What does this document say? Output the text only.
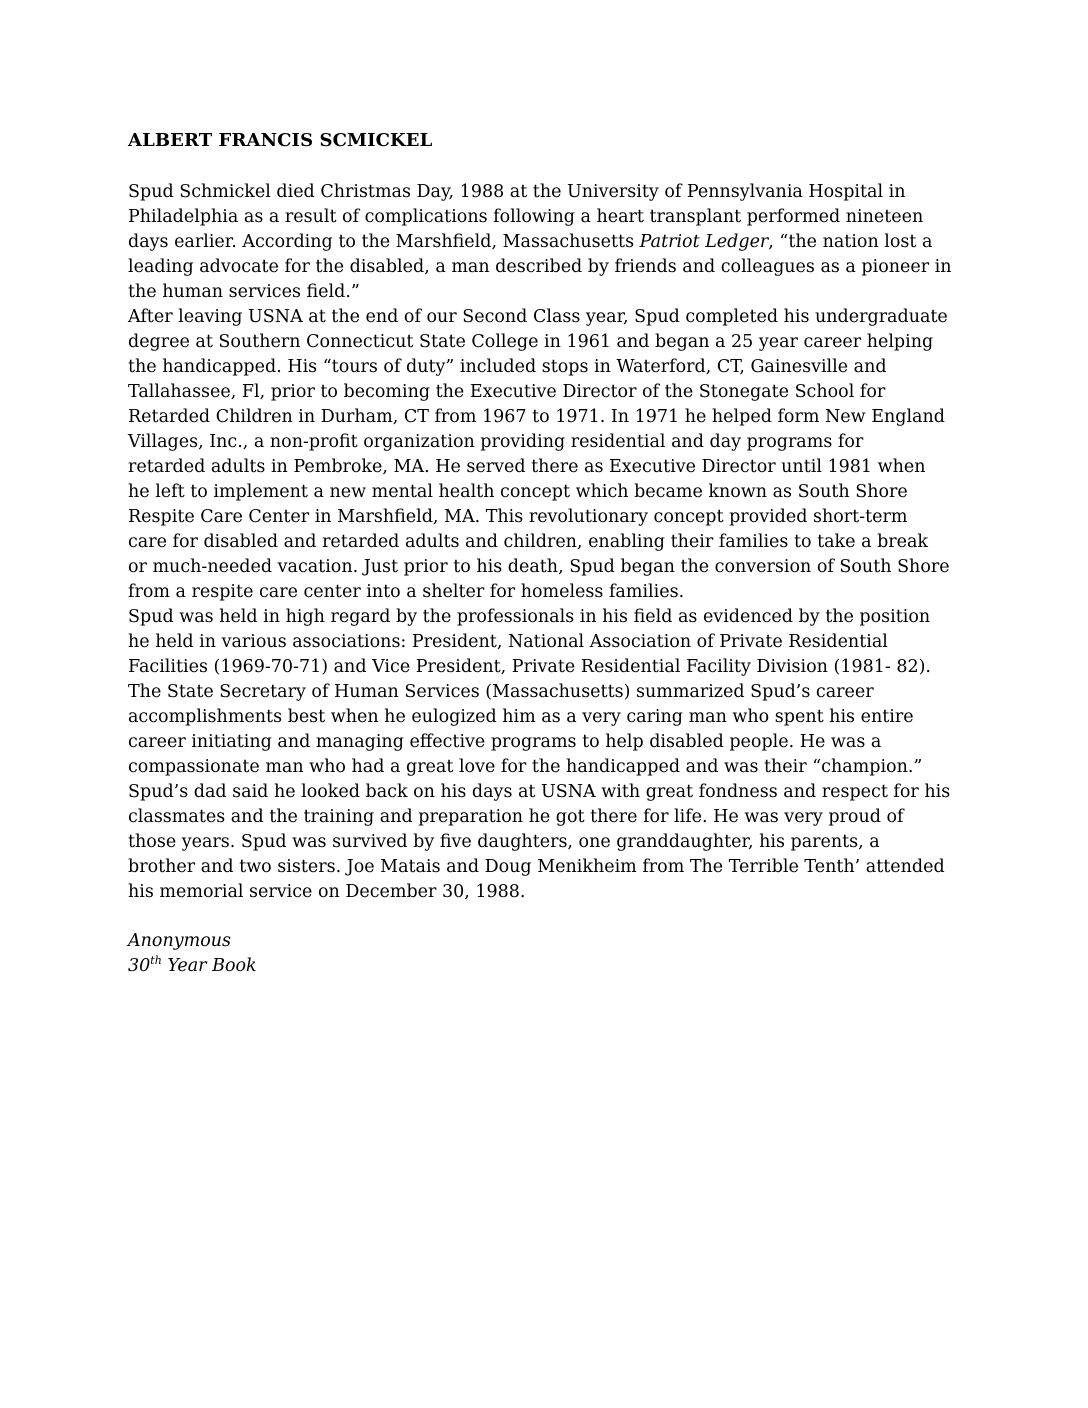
ALBERT FRANCIS SCMICKEL
Spud Schmickel died Christmas Day, 1988 at the University of Pennsylvania Hospital in
Philadelphia as a result of complications following a heart transplant performed nineteen
days earlier. According to the Marshfield, Massachusetts Patriot Ledger, “the nation lost a
leading advocate for the disabled, a man described by friends and colleagues as a pioneer in
the human services field.”
After leaving USNA at the end of our Second Class year, Spud completed his undergraduate
degree at Southern Connecticut State College in 1961 and began a 25 year career helping
the handicapped. His “tours of duty” included stops in Waterford, CT, Gainesville and
Tallahassee, Fl, prior to becoming the Executive Director of the Stonegate School for
Retarded Children in Durham, CT from 1967 to 1971. In 1971 he helped form New England
Villages, Inc., a non-profit organization providing residential and day programs for
retarded adults in Pembroke, MA. He served there as Executive Director until 1981 when
he left to implement a new mental health concept which became known as South Shore
Respite Care Center in Marshfield, MA. This revolutionary concept provided short-term
care for disabled and retarded adults and children, enabling their families to take a break
or much-needed vacation. Just prior to his death, Spud began the conversion of South Shore
from a respite care center into a shelter for homeless families.
Spud was held in high regard by the professionals in his field as evidenced by the position
he held in various associations: President, National Association of Private Residential
Facilities (1969-70-71) and Vice President, Private Residential Facility Division (1981- 82).
The State Secretary of Human Services (Massachusetts) summarized Spud’s career
accomplishments best when he eulogized him as a very caring man who spent his entire
career initiating and managing effective programs to help disabled people. He was a
compassionate man who had a great love for the handicapped and was their “champion.”
Spud’s dad said he looked back on his days at USNA with great fondness and respect for his
classmates and the training and preparation he got there for life. He was very proud of
those years. Spud was survived by five daughters, one granddaughter, his parents, a
brother and two sisters. Joe Matais and Doug Menikheim from The Terrible Tenth’ attended
his memorial service on December 30, 1988.
Anonymous
30th Year Book
